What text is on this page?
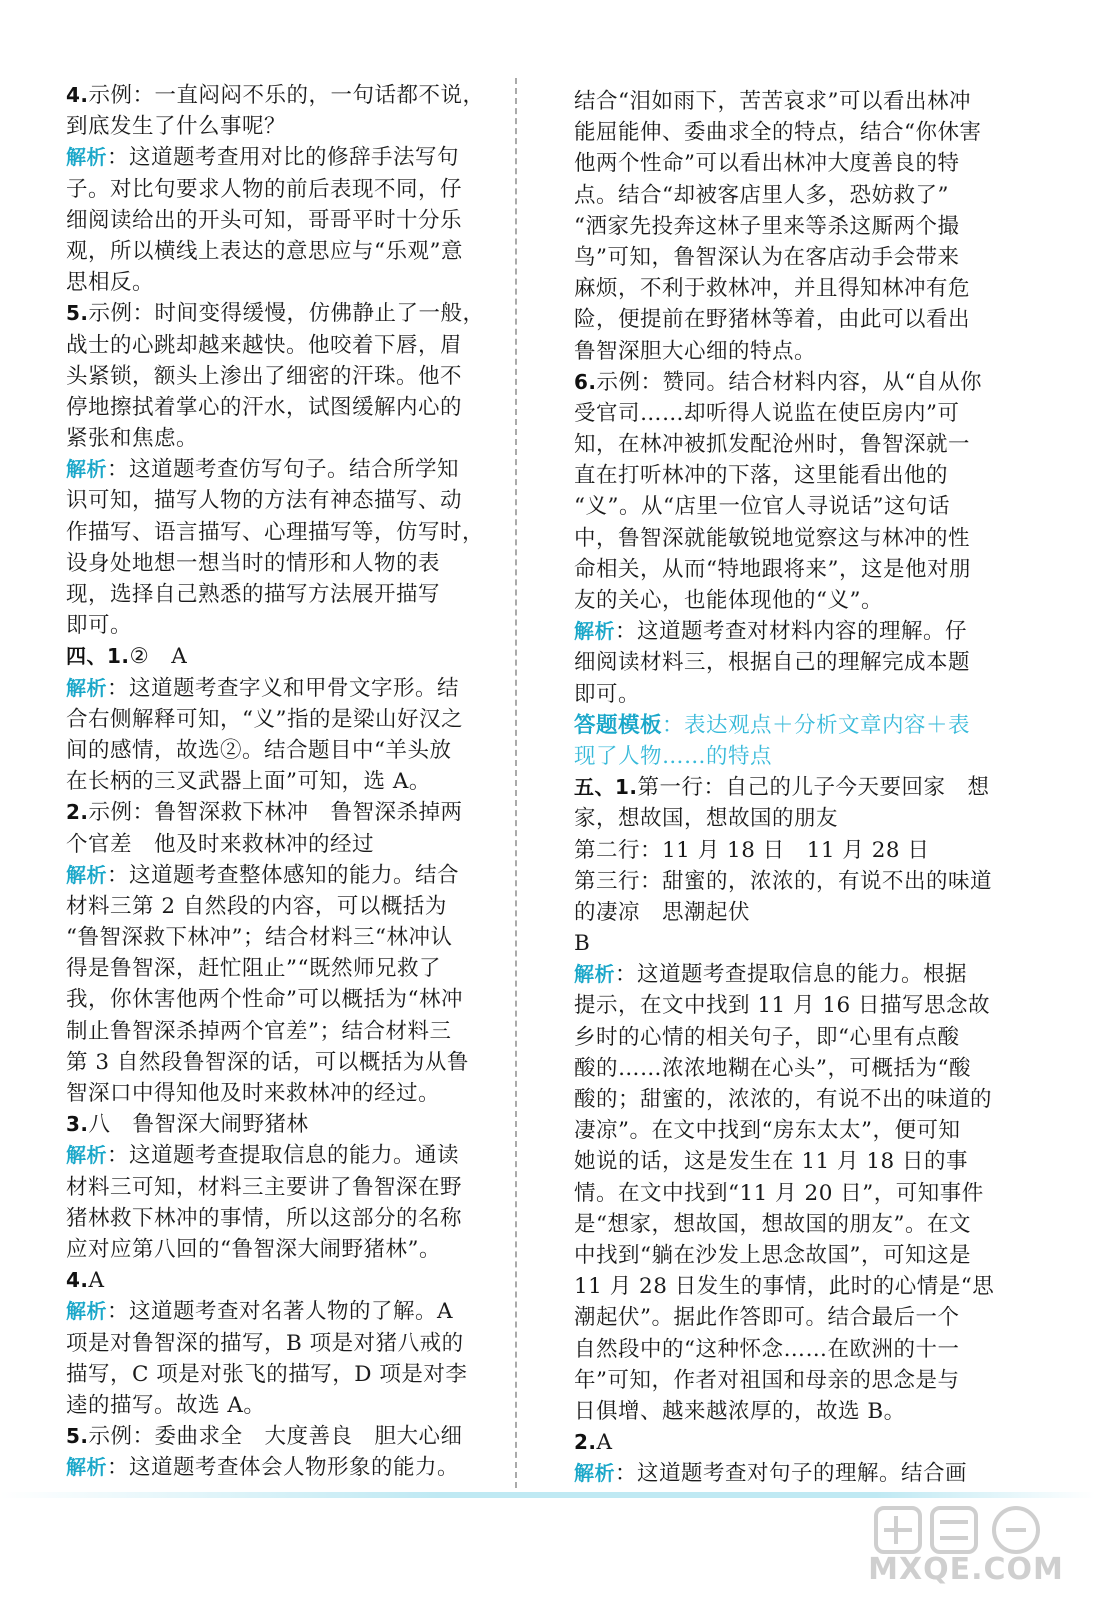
4.示例：一直闷闷不乐的，一句话都不说，
到底发生了什么事呢？
解析：这道题考查用对比的修辞手法写句
子。对比句要求人物的前后表现不同，仔
细阅读给出的开头可知，哥哥平时十分乐
观，所以横线上表达的意思应与“乐观”意
思相反。
5.示例：时间变得缓慢，仿佛静止了一般，
战士的心跳却越来越快。他咬着下唇，眉
头紧锁，额头上渗出了细密的汗珠。他不
停地擦拭着掌心的汗水，试图缓解内心的
紧张和焦虑。
解析：这道题考查仿写句子。结合所学知
识可知，描写人物的方法有神态描写、动
作描写、语言描写、心理描写等，仿写时，
设身处地想一想当时的情形和人物的表
现，选择自己熟悉的描写方法展开描写
即可。
四、1.②　A
解析：这道题考查字义和甲骨文字形。结
合右侧解释可知，“义”指的是梁山好汉之
间的感情，故选②。结合题目中“羊头放
在长柄的三叉武器上面”可知，选 A。
2.示例：鲁智深救下林冲　鲁智深杀掉两
个官差　他及时来救林冲的经过
解析：这道题考查整体感知的能力。结合
材料三第 2 自然段的内容，可以概括为
“鲁智深救下林冲”；结合材料三“林冲认
得是鲁智深，赶忙阻止”“既然师兄救了
我，你休害他两个性命”可以概括为“林冲
制止鲁智深杀掉两个官差”；结合材料三
第 3 自然段鲁智深的话，可以概括为从鲁
智深口中得知他及时来救林冲的经过。
3.八　鲁智深大闹野猪林
解析：这道题考查提取信息的能力。通读
材料三可知，材料三主要讲了鲁智深在野
猪林救下林冲的事情，所以这部分的名称
应对应第八回的“鲁智深大闹野猪林”。
4.A
解析：这道题考查对名著人物的了解。A
项是对鲁智深的描写，B 项是对猪八戒的
描写，C 项是对张飞的描写，D 项是对李
逵的描写。故选 A。
5.示例：委曲求全　大度善良　胆大心细
解析：这道题考查体会人物形象的能力。
结合“泪如雨下，苦苦哀求”可以看出林冲
能屈能伸、委曲求全的特点，结合“你休害
他两个性命”可以看出林冲大度善良的特
点。结合“却被客店里人多，恐妨救了”
“洒家先投奔这林子里来等杀这厮两个撮
鸟”可知，鲁智深认为在客店动手会带来
麻烦，不利于救林冲，并且得知林冲有危
险，便提前在野猪林等着，由此可以看出
鲁智深胆大心细的特点。
6.示例：赞同。结合材料内容，从“自从你
受官司……却听得人说监在使臣房内”可
知，在林冲被抓发配沧州时，鲁智深就一
直在打听林冲的下落，这里能看出他的
“义”。从“店里一位官人寻说话”这句话
中，鲁智深就能敏锐地觉察这与林冲的性
命相关，从而“特地跟将来”，这是他对朋
友的关心，也能体现他的“义”。
解析：这道题考查对材料内容的理解。仔
细阅读材料三，根据自己的理解完成本题
即可。
答题模板：表达观点＋分析文章内容＋表
现了人物……的特点
五、1.第一行：自己的儿子今天要回家　想
家，想故国，想故国的朋友
第二行：11 月 18 日　11 月 28 日
第三行：甜蜜的，浓浓的，有说不出的味道
的凄凉　思潮起伏
B
解析：这道题考查提取信息的能力。根据
提示，在文中找到 11 月 16 日描写思念故
乡时的心情的相关句子，即“心里有点酸
酸的……浓浓地糊在心头”，可概括为“酸
酸的；甜蜜的，浓浓的，有说不出的味道的
凄凉”。在文中找到“房东太太”，便可知
她说的话，这是发生在 11 月 18 日的事
情。在文中找到“11 月 20 日”，可知事件
是“想家，想故国，想故国的朋友”。在文
中找到“躺在沙发上思念故国”，可知这是
11 月 28 日发生的事情，此时的心情是“思
潮起伏”。据此作答即可。结合最后一个
自然段中的“这种怀念……在欧洲的十一
年”可知，作者对祖国和母亲的思念是与
日俱增、越来越浓厚的，故选 B。
2.A
解析：这道题考查对句子的理解。结合画
MXQE.COM
